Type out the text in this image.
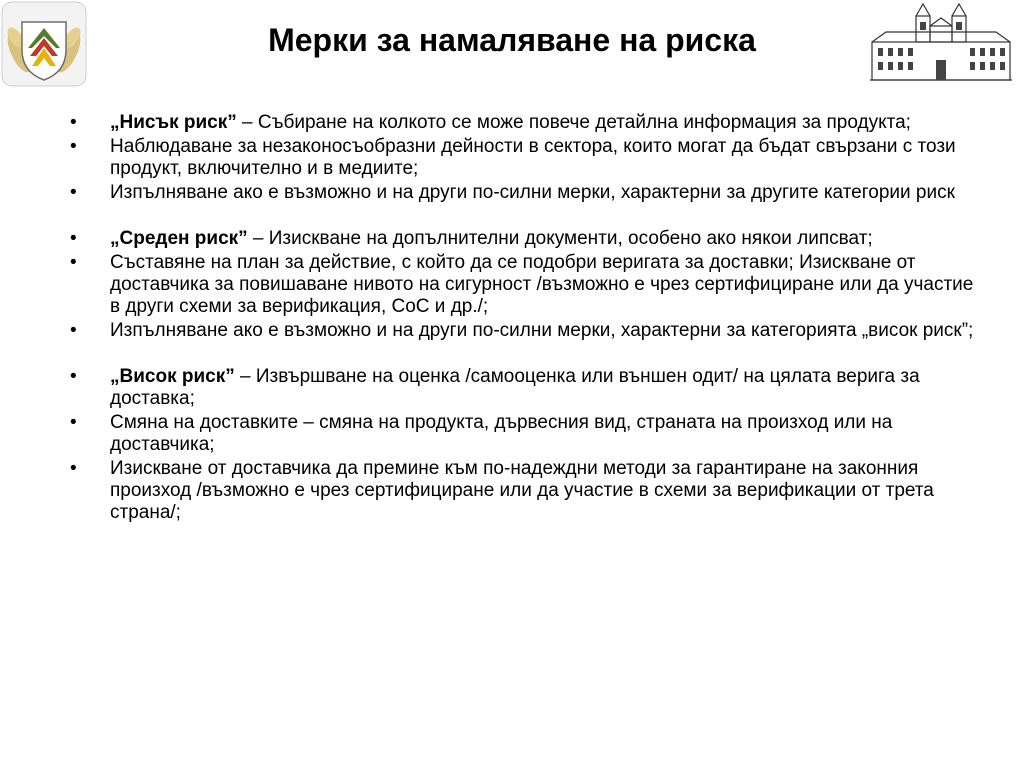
Мерки за намаляване на риска
• „Нисък риск” – Събиране на колкото се може повече детайлна информация за продукта;
• Наблюдаване за незаконосъобразни дейности в сектора, които могат да бъдат свързани с този продукт, включително и в медиите;
• Изпълняване ако е възможно и на други по-силни мерки, характерни за другите категории риск
• „Среден риск” – Изискване на допълнителни документи, особено ако някои липсват;
• Съставяне на план за действие, с който да се подобри веригата за доставки; Изискване от доставчика за повишаване нивото на сигурност /възможно е чрез сертифициране или да участие в други схеми за верификация, CoC и др./;
• Изпълняване ако е възможно и на други по-силни мерки, характерни за категорията „висок риск”;
• „Висок риск” – Извършване на оценка /самооценка или външен одит/ на цялата верига за доставка;
• Смяна на доставките – смяна на продукта, дървесния вид, страната на произход или на доставчика;
• Изискване от доставчика да премине към по-надеждни методи за гарантиране на законния произход /възможно е чрез сертифициране или да участие в схеми за верификации от трета страна/;
